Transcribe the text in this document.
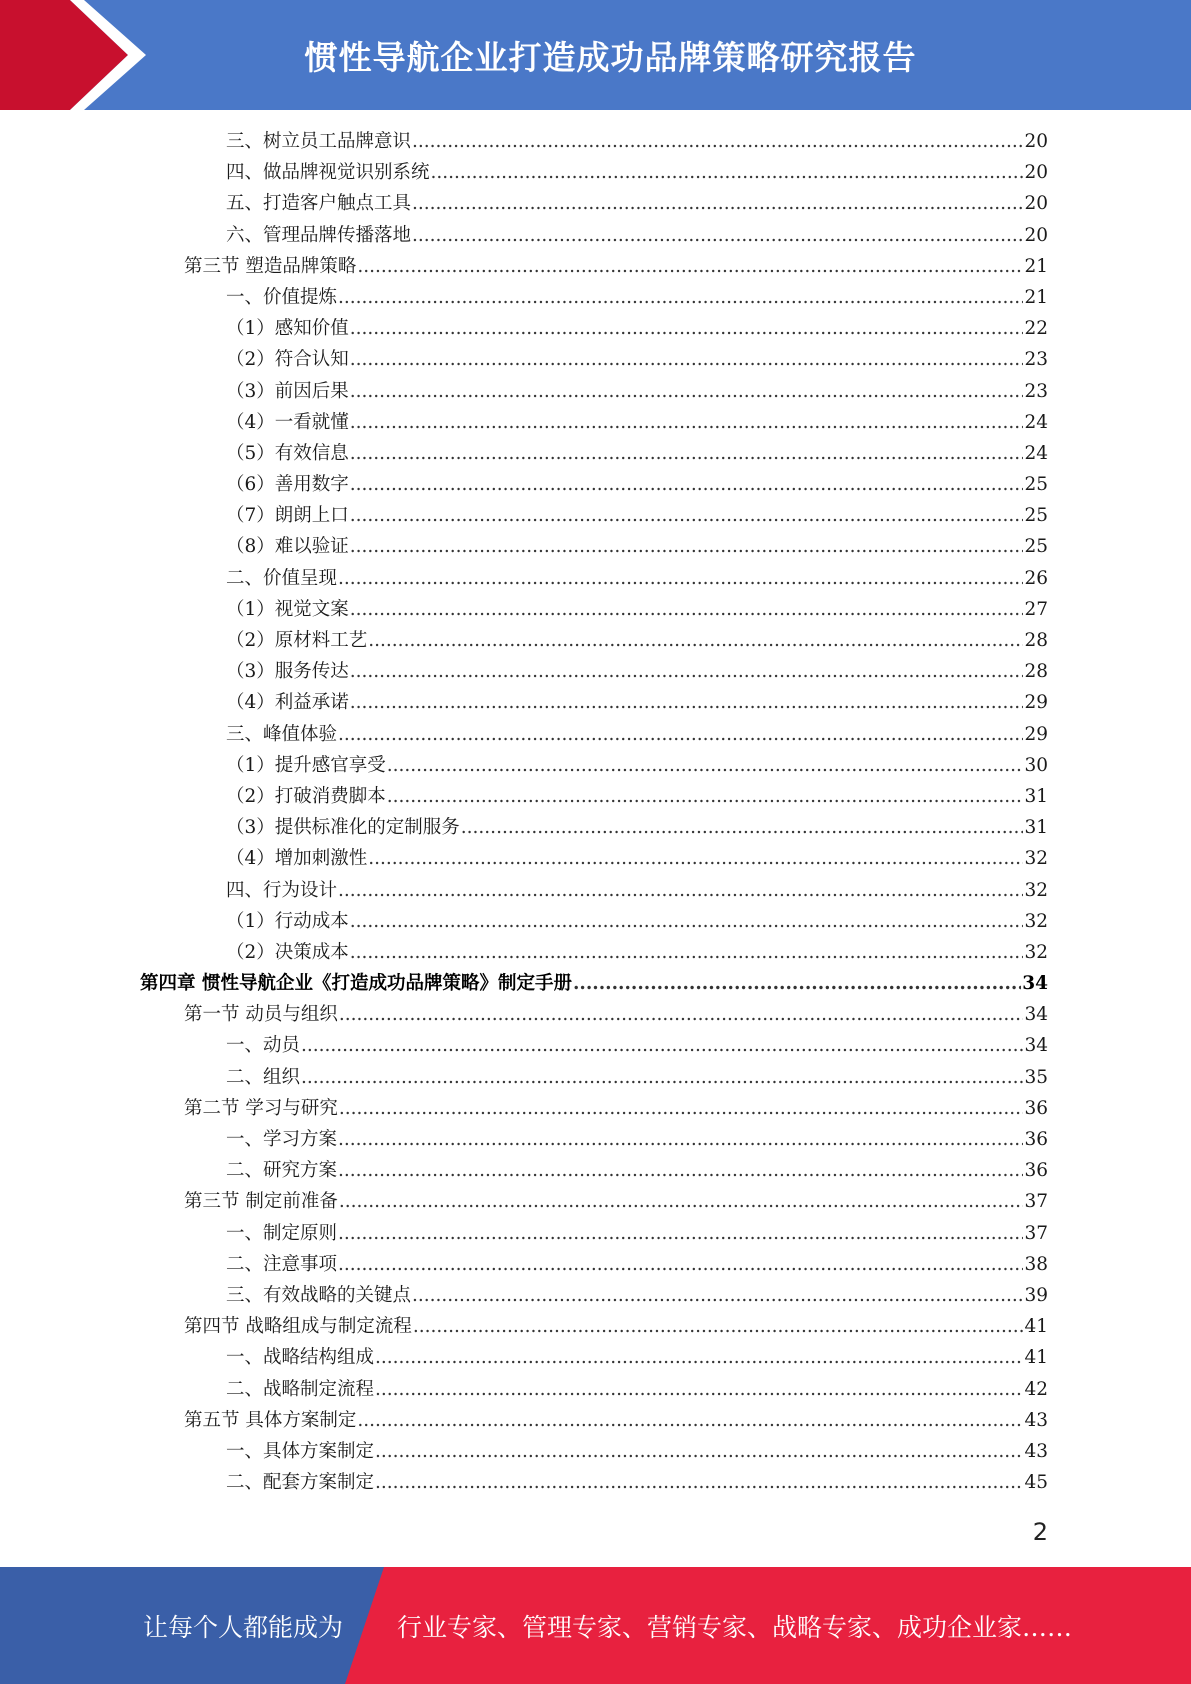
惯性导航企业打造成功品牌策略研究报告
三、树立员工品牌意识 .....	20
四、做品牌视觉识别系统 .....	20
五、打造客户触点工具 .....	20
六、管理品牌传播落地 .....	20
第三节 塑造品牌策略 .....	21
一、价值提炼 .....	21
（1）感知价值 .....	22
（2）符合认知 .....	23
（3）前因后果 .....	23
（4）一看就懂 .....	24
（5）有效信息 .....	24
（6）善用数字 .....	25
（7）朗朗上口 .....	25
（8）难以验证 .....	25
二、价值呈现 .....	26
（1）视觉文案 .....	27
（2）原材料工艺 .....	28
（3）服务传达 .....	28
（4）利益承诺 .....	29
三、峰值体验 .....	29
（1）提升感官享受 .....	30
（2）打破消费脚本 .....	31
（3）提供标准化的定制服务 .....	31
（4）增加刺激性 .....	32
四、行为设计 .....	32
（1）行动成本 .....	32
（2）决策成本 .....	32
第四章 惯性导航企业《打造成功品牌策略》制定手册 .....	34
第一节 动员与组织 .....	34
一、动员 .....	34
二、组织 .....	35
第二节 学习与研究 .....	36
一、学习方案 .....	36
二、研究方案 .....	36
第三节 制定前准备 .....	37
一、制定原则 .....	37
二、注意事项 .....	38
三、有效战略的关键点 .....	39
第四节 战略组成与制定流程 .....	41
一、战略结构组成 .....	41
二、战略制定流程 .....	42
第五节 具体方案制定 .....	43
一、具体方案制定 .....	43
二、配套方案制定 .....	45
2
让每个人都能成为 行业专家、管理专家、营销专家、战略专家、成功企业家……
